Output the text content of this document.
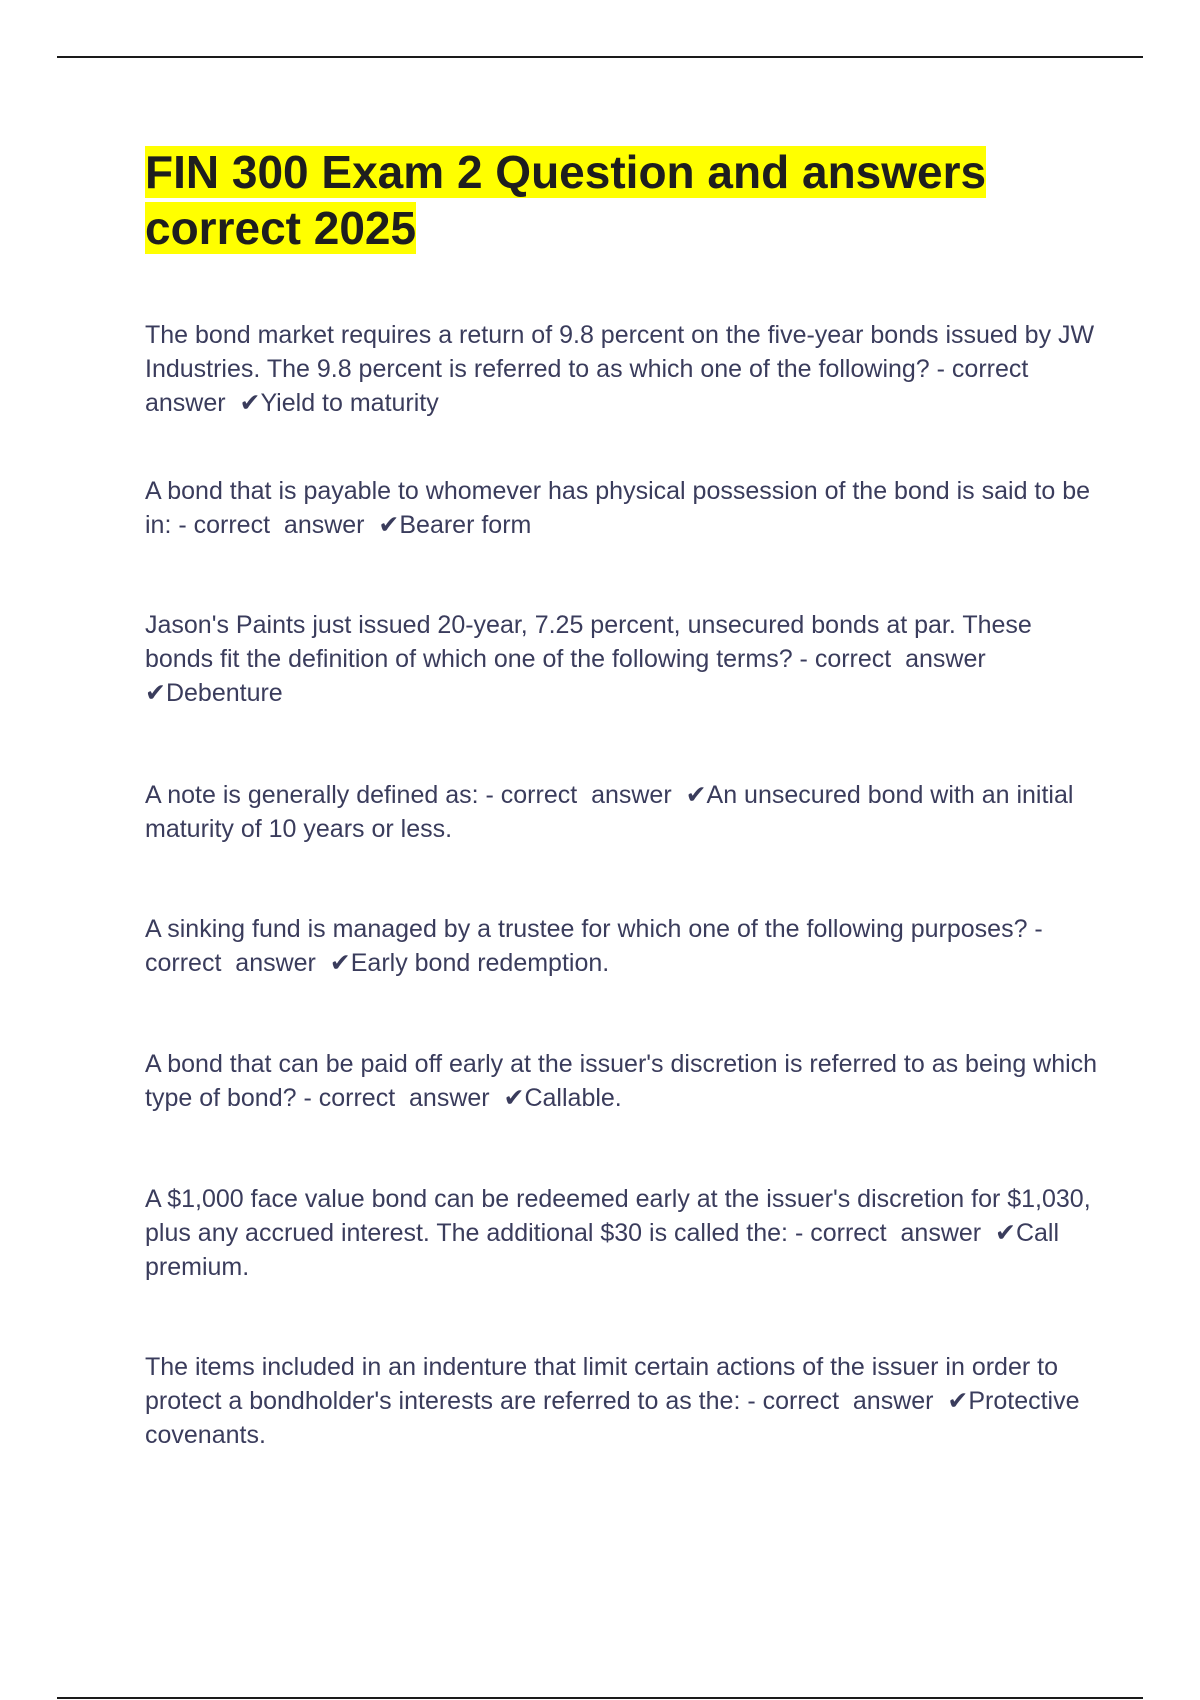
FIN 300 Exam 2 Question and answers correct 2025

The bond market requires a return of 9.8 percent on the five-year bonds issued by JW Industries. The 9.8 percent is referred to as which one of the following? - correct  answer  ✔Yield to maturity

A bond that is payable to whomever has physical possession of the bond is said to be in: - correct  answer  ✔Bearer form

Jason's Paints just issued 20-year, 7.25 percent, unsecured bonds at par. These bonds fit the definition of which one of the following terms? - correct  answer  ✔Debenture

A note is generally defined as: - correct  answer  ✔An unsecured bond with an initial maturity of 10 years or less.

A sinking fund is managed by a trustee for which one of the following purposes? - correct  answer  ✔Early bond redemption.

A bond that can be paid off early at the issuer's discretion is referred to as being which type of bond? - correct  answer  ✔Callable.

A $1,000 face value bond can be redeemed early at the issuer's discretion for $1,030, plus any accrued interest. The additional $30 is called the: - correct  answer  ✔Call premium.

The items included in an indenture that limit certain actions of the issuer in order to protect a bondholder's interests are referred to as the: - correct  answer  ✔Protective covenants.
